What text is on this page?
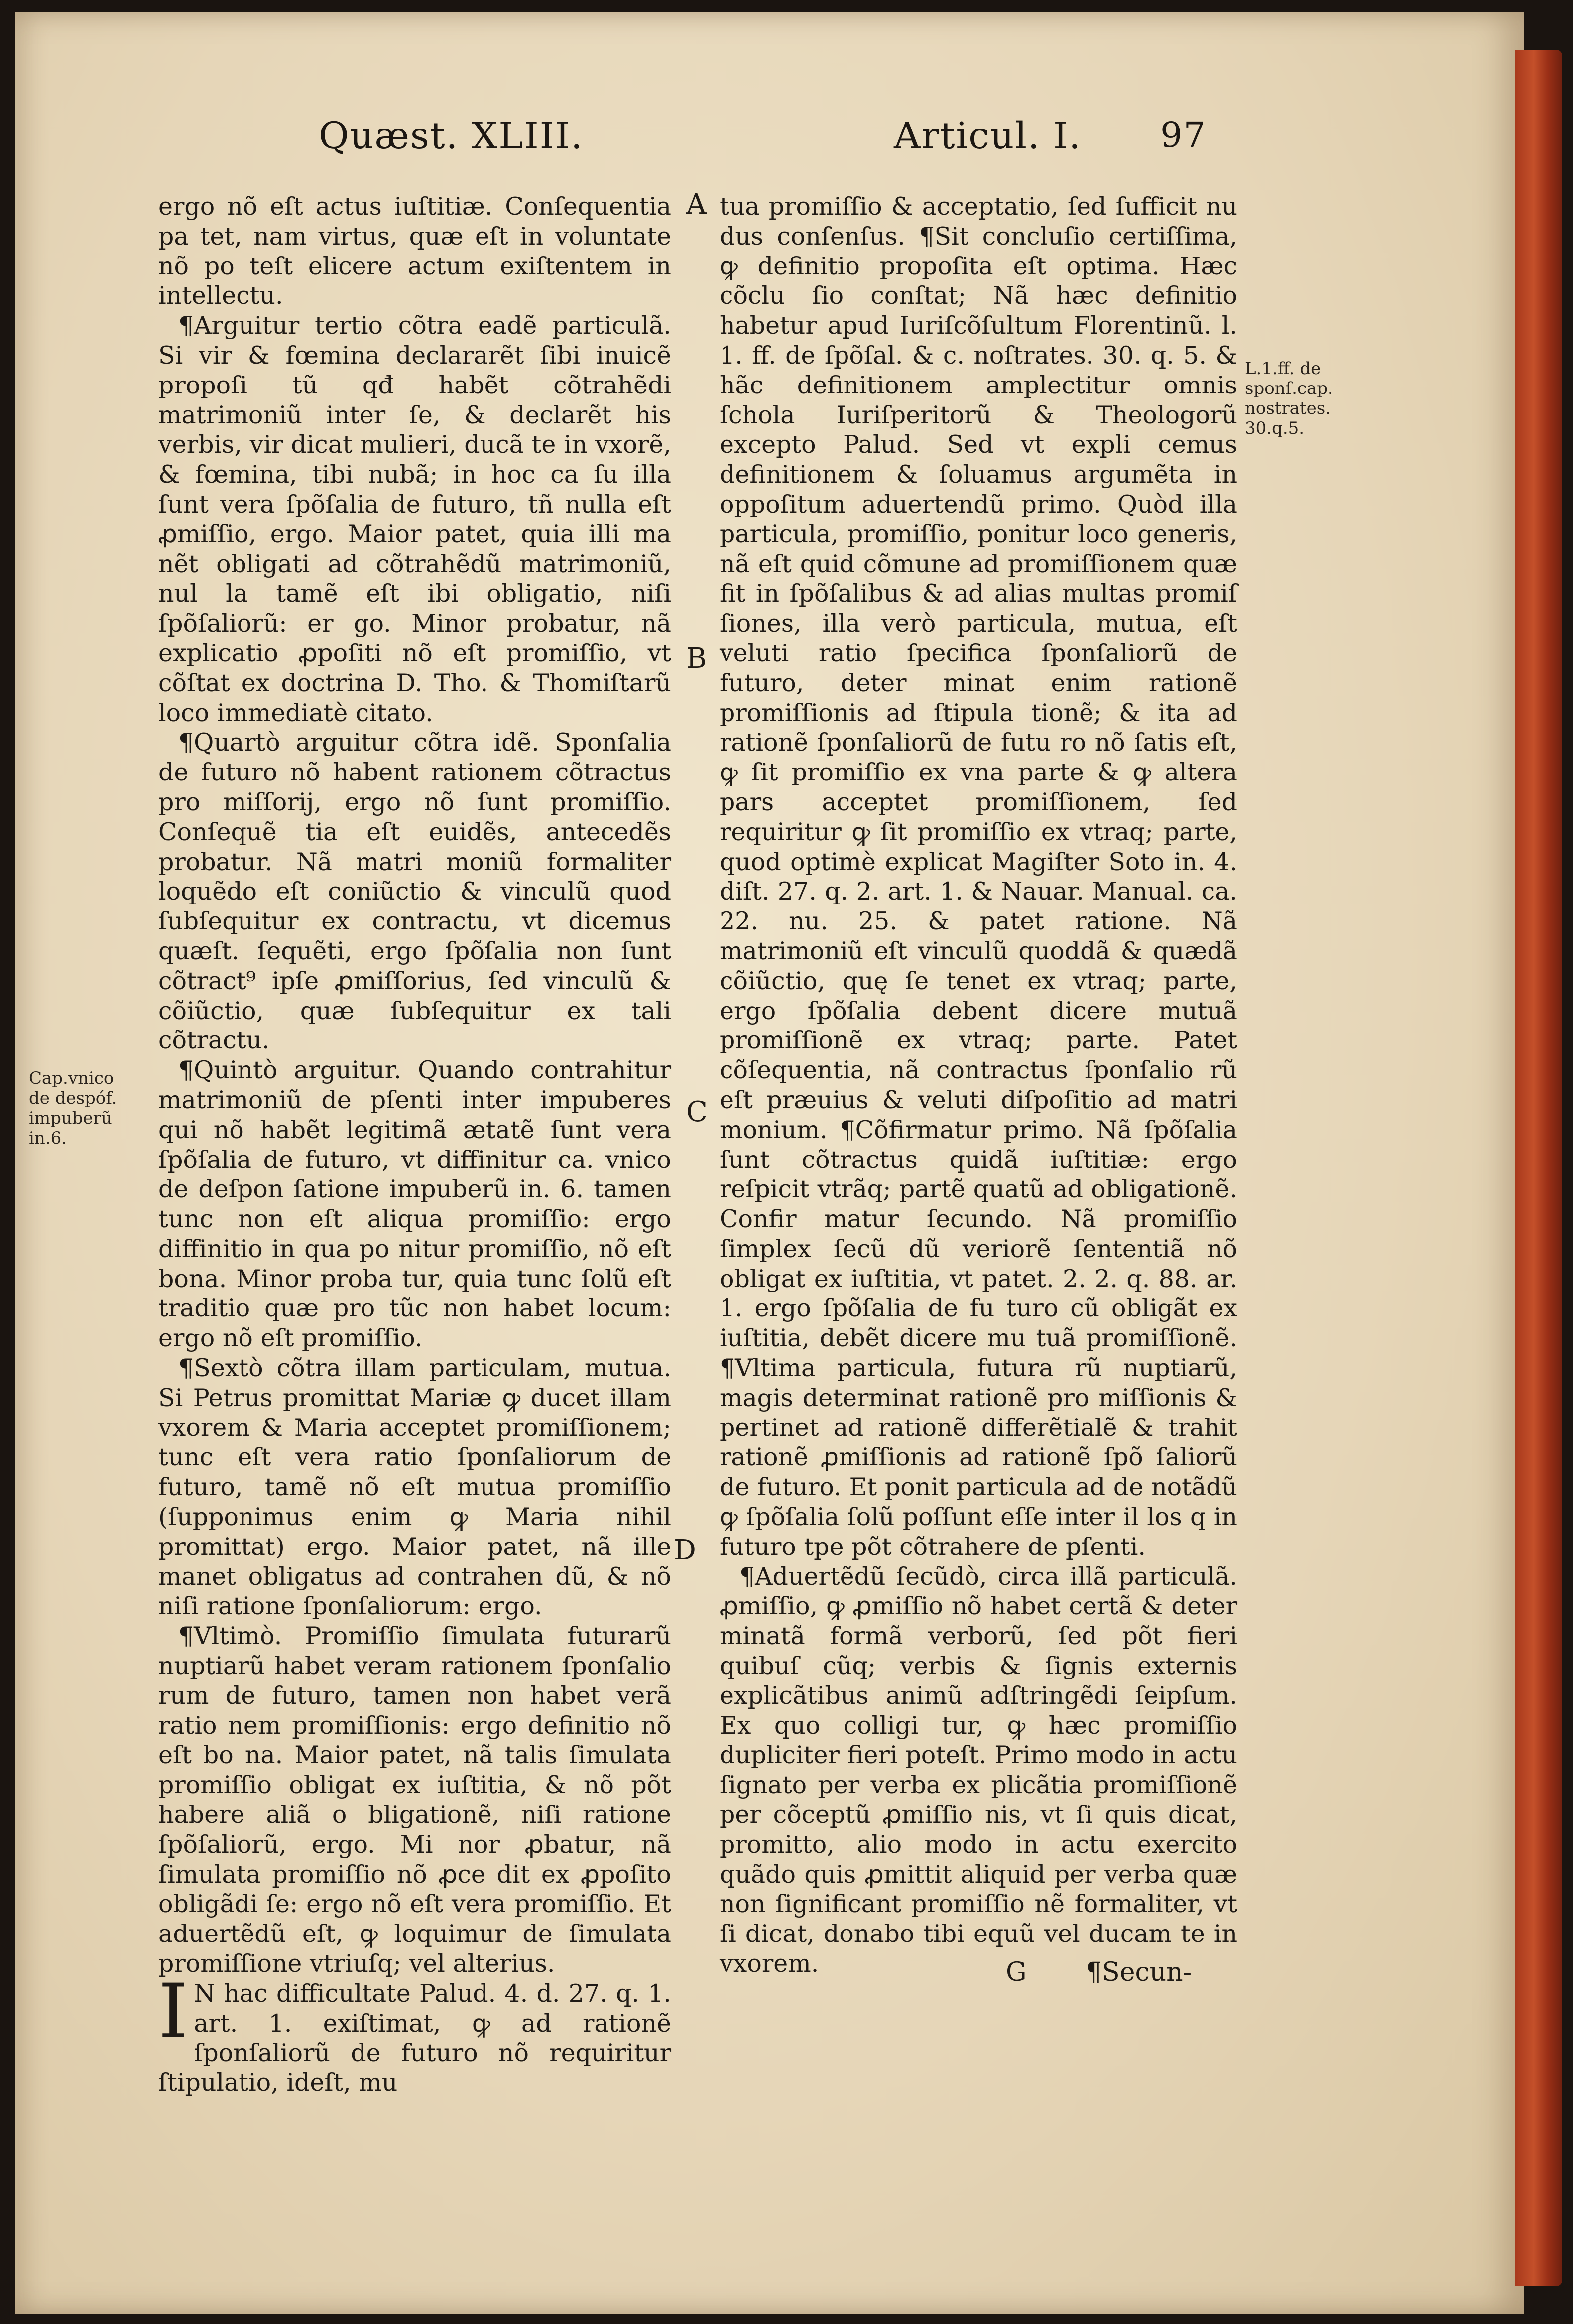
Quæst. XLIII.	Articul. I. 97
A
B
C
D
Cap.vnico
de despóf.
impuberũ
in.6.
L.1.ff. de
sponſ.cap.
nostrates.
30.q.5.

ergo nõ eſt actus iuſtitiæ. Conſequentia pa tet, nam virtus, quæ eſt in voluntate nõ po teſt elicere actum exiſtentem in intellectu.

¶Arguitur tertio cõtra eadẽ particulã. Si vir & fœmina declararẽt ſibi inuicẽ propoſi tũ qđ habẽt cõtrahẽdi matrimoniũ inter ſe, & declarẽt his verbis, vir dicat mulieri, ducã te in vxorẽ, & fœmina, tibi nubã; in hoc ca ſu illa ſunt vera ſpõſalia de futuro, tñ nulla eſt ꝓmiſſio, ergo. Maior patet, quia illi ma nẽt obligati ad cõtrahẽdũ matrimoniũ, nul la tamẽ eſt ibi obligatio, niſi ſpõſaliorũ: er go. Minor probatur, nã explicatio ꝓpoſiti nõ eſt promiſſio, vt cõſtat ex doctrina D. Tho. & Thomiſtarũ loco immediatè citato.

¶Quartò arguitur cõtra idẽ. Sponſalia de futuro nõ habent rationem cõtractus pro miſſorij, ergo nõ ſunt promiſſio. Conſequẽ tia eſt euidẽs, antecedẽs probatur. Nã matri moniũ formaliter loquẽdo eſt coniũctio & vinculũ quod ſubſequitur ex contractu, vt dicemus quæſt. ſequẽti, ergo ſpõſalia non ſunt cõtract⁹ ipſe ꝓmiſſorius, ſed vinculũ & cõiũctio, quæ ſubſequitur ex tali cõtractu.

¶Quintò arguitur. Quando contrahitur matrimoniũ de pſenti inter impuberes qui nõ habẽt legitimã ætatẽ ſunt vera ſpõſalia de futuro, vt diffinitur ca. vnico de deſpon ſatione impuberũ in. 6. tamen tunc non eſt aliqua promiſſio: ergo diffinitio in qua po nitur promiſſio, nõ eſt bona. Minor proba tur, quia tunc ſolũ eſt traditio quæ pro tũc non habet locum: ergo nõ eſt promiſſio.

¶Sextò cõtra illam particulam, mutua. Si Petrus promittat Mariæ ꝙ ducet illam vxorem & Maria acceptet promiſſionem; tunc eſt vera ratio ſponſaliorum de futuro, tamẽ nõ eſt mutua promiſſio (ſupponimus enim ꝙ Maria nihil promittat) ergo. Maior patet, nã ille manet obligatus ad contrahen dũ, & nõ niſi ratione ſponſaliorum: ergo.

¶Vltimò. Promiſſio ſimulata futurarũ nuptiarũ habet veram rationem ſponſalio rum de futuro, tamen non habet verã ratio nem promiſſionis: ergo definitio nõ eſt bo na. Maior patet, nã talis ſimulata promiſſio obligat ex iuſtitia, & nõ põt habere aliã o bligationẽ, niſi ratione ſpõſaliorũ, ergo. Mi nor ꝓbatur, nã ſimulata promiſſio nõ ꝓce dit ex ꝓpoſito obligãdi ſe: ergo nõ eſt vera promiſſio. Et aduertẽdũ eſt, ꝙ loquimur de ſimulata promiſſione vtriuſq; vel alterius.

IN hac difficultate Palud. 4. d. 27. q. 1. art. 1. exiſtimat, ꝙ ad rationẽ ſponſaliorũ de futuro nõ requiritur ſtipulatio, ideſt, mu

tua promiſſio & acceptatio, ſed ſufficit nu dus conſenſus. ¶Sit concluſio certiſſima, ꝙ definitio propoſita eſt optima. Hæc cõclu ſio conſtat; Nã hæc definitio habetur apud Iuriſcõſultum Florentinũ. l. 1. ff. de ſpõſal. & c. noſtrates. 30. q. 5. & hãc definitionem amplectitur omnis ſchola Iuriſperitorũ & Theologorũ excepto Palud. Sed vt expli cemus definitionem & ſoluamus argumẽta in oppoſitum aduertendũ primo. Quòd illa particula, promiſſio, ponitur loco generis, nã eſt quid cõmune ad promiſſionem quæ fit in ſpõſalibus & ad alias multas promiſ ſiones, illa verò particula, mutua, eſt veluti ratio ſpecifica ſponſaliorũ de futuro, deter minat enim rationẽ promiſſionis ad ſtipula tionẽ; & ita ad rationẽ ſponſaliorũ de futu ro nõ ſatis eſt, ꝙ ſit promiſſio ex vna parte & ꝙ altera pars acceptet promiſſionem, ſed requiritur ꝙ ſit promiſſio ex vtraq; parte, quod optimè explicat Magiſter Soto in. 4. diſt. 27. q. 2. art. 1. & Nauar. Manual. ca. 22. nu. 25. & patet ratione. Nã matrimoniũ eſt vinculũ quoddã & quædã cõiũctio, quę ſe tenet ex vtraq; parte, ergo ſpõſalia debent dicere mutuã promiſſionẽ ex vtraq; parte. Patet cõſequentia, nã contractus ſponſalio rũ eſt præuius & veluti diſpoſitio ad matri monium. ¶Cõfirmatur primo. Nã ſpõſalia ſunt cõtractus quidã iuſtitiæ: ergo reſpicit vtrãq; partẽ quatũ ad obligationẽ. Confir matur ſecundo. Nã promiſſio ſimplex ſecũ dũ veriorẽ ſententiã nõ obligat ex iuſtitia, vt patet. 2. 2. q. 88. ar. 1. ergo ſpõſalia de fu turo cũ obligãt ex iuſtitia, debẽt dicere mu tuã promiſſionẽ. ¶Vltima particula, futura rũ nuptiarũ, magis determinat rationẽ pro miſſionis & pertinet ad rationẽ differẽtialẽ & trahit rationẽ ꝓmiſſionis ad rationẽ ſpõ ſaliorũ de futuro. Et ponit particula ad de notãdũ ꝙ ſpõſalia ſolũ poſſunt eſſe inter il los q in futuro tpe põt cõtrahere de pſenti.

¶Aduertẽdũ ſecũdò, circa illã particulã. ꝓmiſſio, ꝙ ꝓmiſſio nõ habet certã & deter minatã formã verborũ, ſed põt fieri quibuſ cũq; verbis & ſignis externis explicãtibus animũ adſtringẽdi ſeipſum. Ex quo colligi tur, ꝙ hæc promiſſio dupliciter fieri poteſt. Primo modo in actu ſignato per verba ex plicãtia promiſſionẽ per cõceptũ ꝓmiſſio nis, vt ſi quis dicat, promitto, alio modo in actu exercito quãdo quis ꝓmittit aliquid per verba quæ non ſignificant promiſſio nẽ formaliter, vt ſi dicat, donabo tibi equũ vel ducam te in vxorem.	G ¶Secun-
